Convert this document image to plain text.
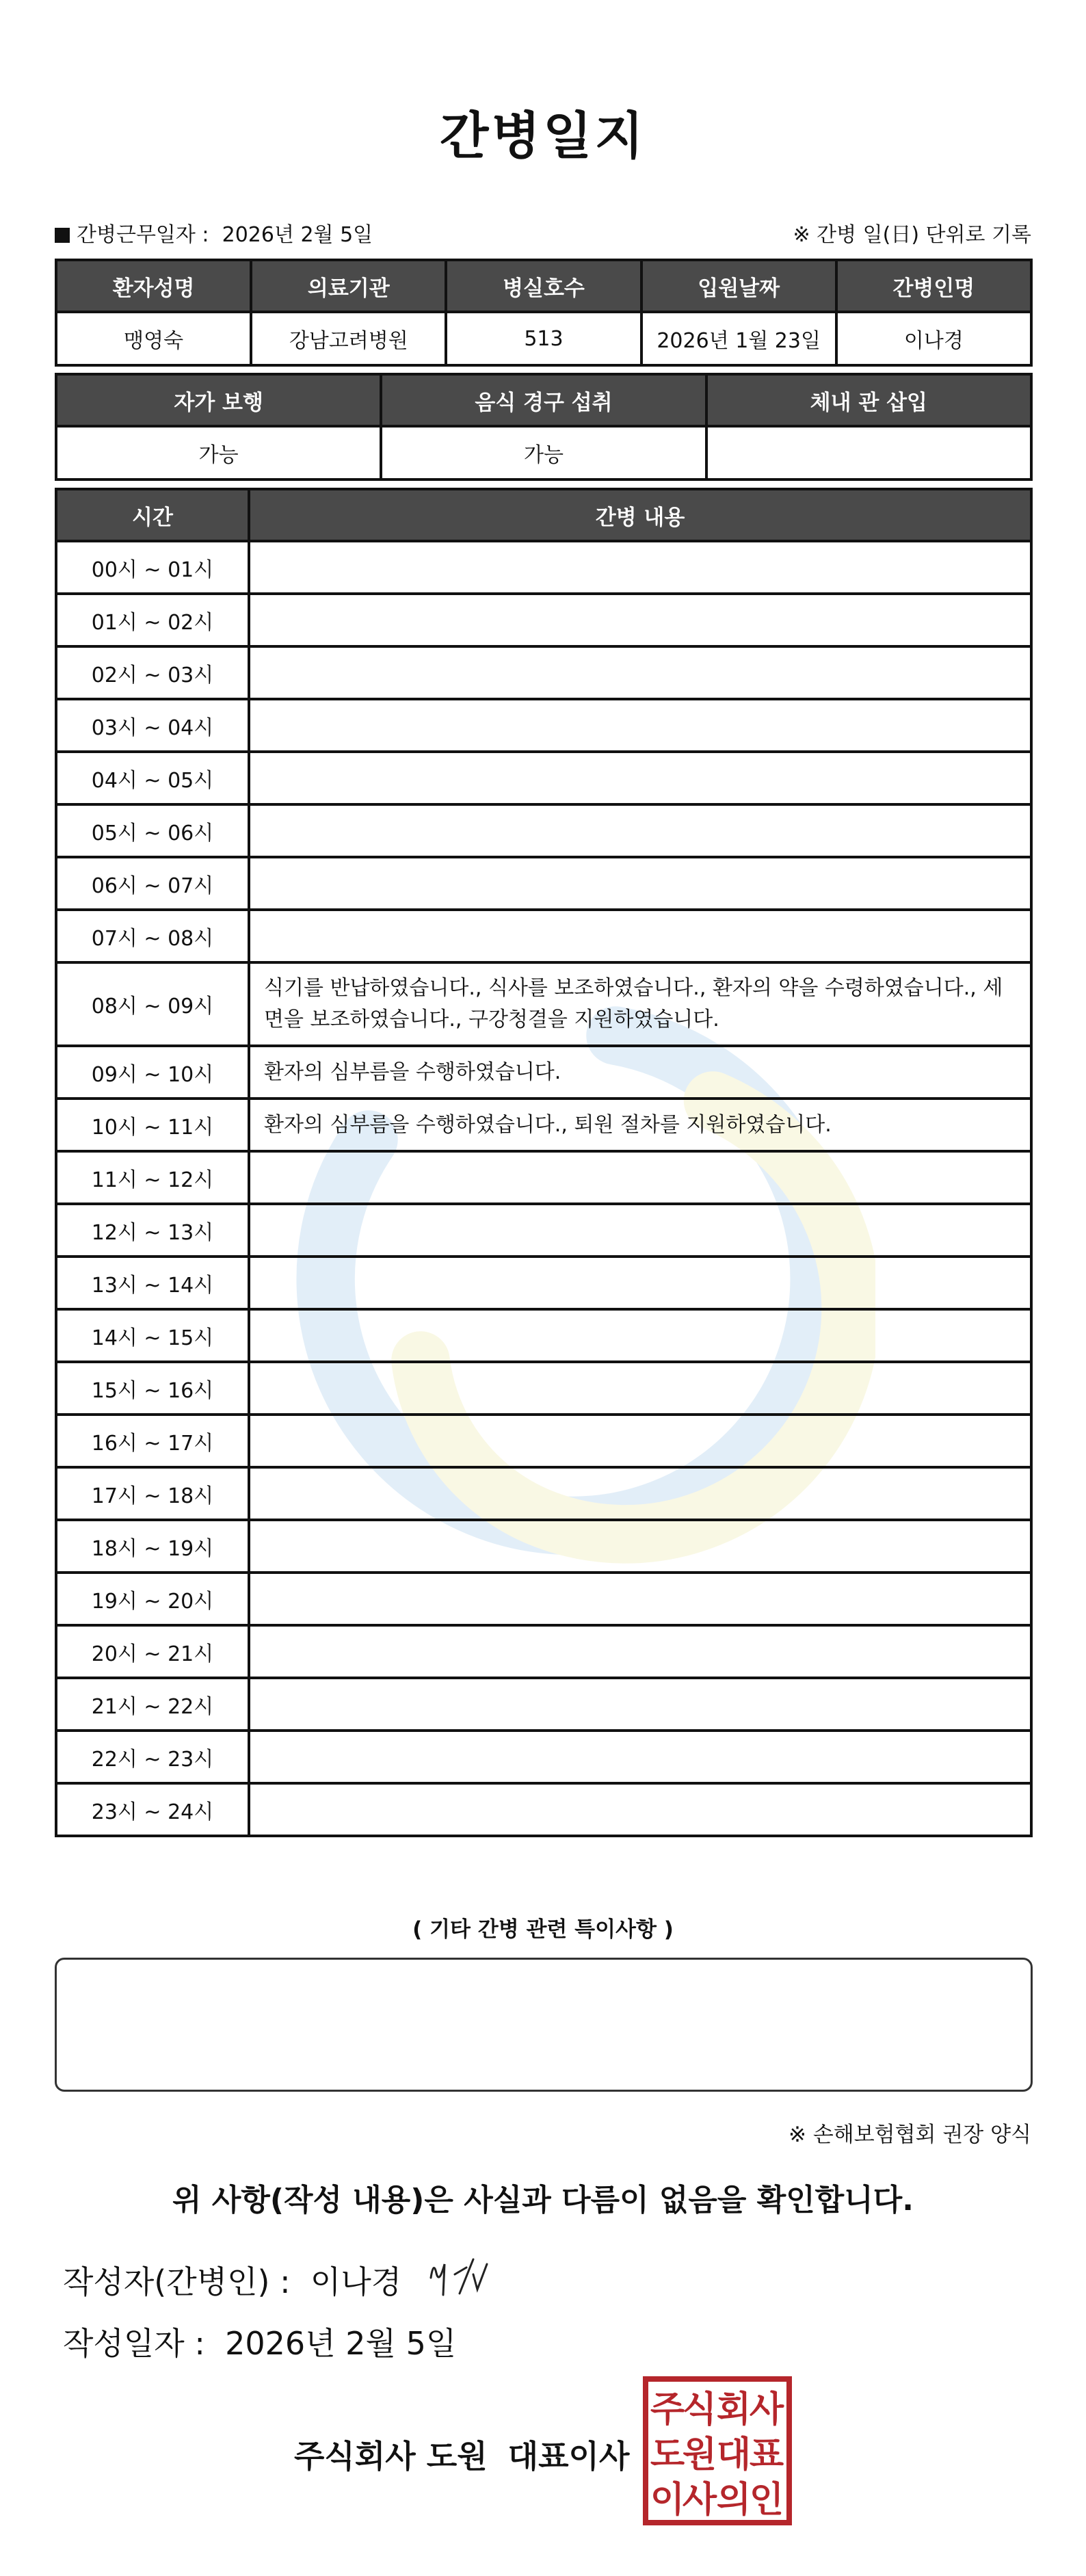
간병일지
간병근무일자 : 2026년 2월 5일	※ 간병 일(日) 단위로 기록
환자성명	의료기관	병실호수	입원날짜	간병인명
맹영숙	강남고려병원	513	2026년 1월 23일	이나경
자가 보행	음식 경구 섭취	체내 관 삽입
가능	가능	
시간	간병 내용
00시 ~ 01시	
01시 ~ 02시	
02시 ~ 03시	
03시 ~ 04시	
04시 ~ 05시	
05시 ~ 06시	
06시 ~ 07시	
07시 ~ 08시	
08시 ~ 09시	식기를 반납하였습니다., 식사를 보조하였습니다., 환자의 약을 수령하였습니다., 세면을 보조하였습니다., 구강청결을 지원하였습니다.
09시 ~ 10시	환자의 심부름을 수행하였습니다.
10시 ~ 11시	환자의 심부름을 수행하였습니다., 퇴원 절차를 지원하였습니다.
11시 ~ 12시	
12시 ~ 13시	
13시 ~ 14시	
14시 ~ 15시	
15시 ~ 16시	
16시 ~ 17시	
17시 ~ 18시	
18시 ~ 19시	
19시 ~ 20시	
20시 ~ 21시	
21시 ~ 22시	
22시 ~ 23시	
23시 ~ 24시	
( 기타 간병 관련 특이사항 )
※ 손해보험협회 권장 양식
위 사항(작성 내용)은 사실과 다름이 없음을 확인합니다.
작성자(간병인) : 이나경
작성일자 : 2026년 2월 5일
주식회사 도원 대표이사
주
식 회
사
도
원 대
표
이
사 의
인
